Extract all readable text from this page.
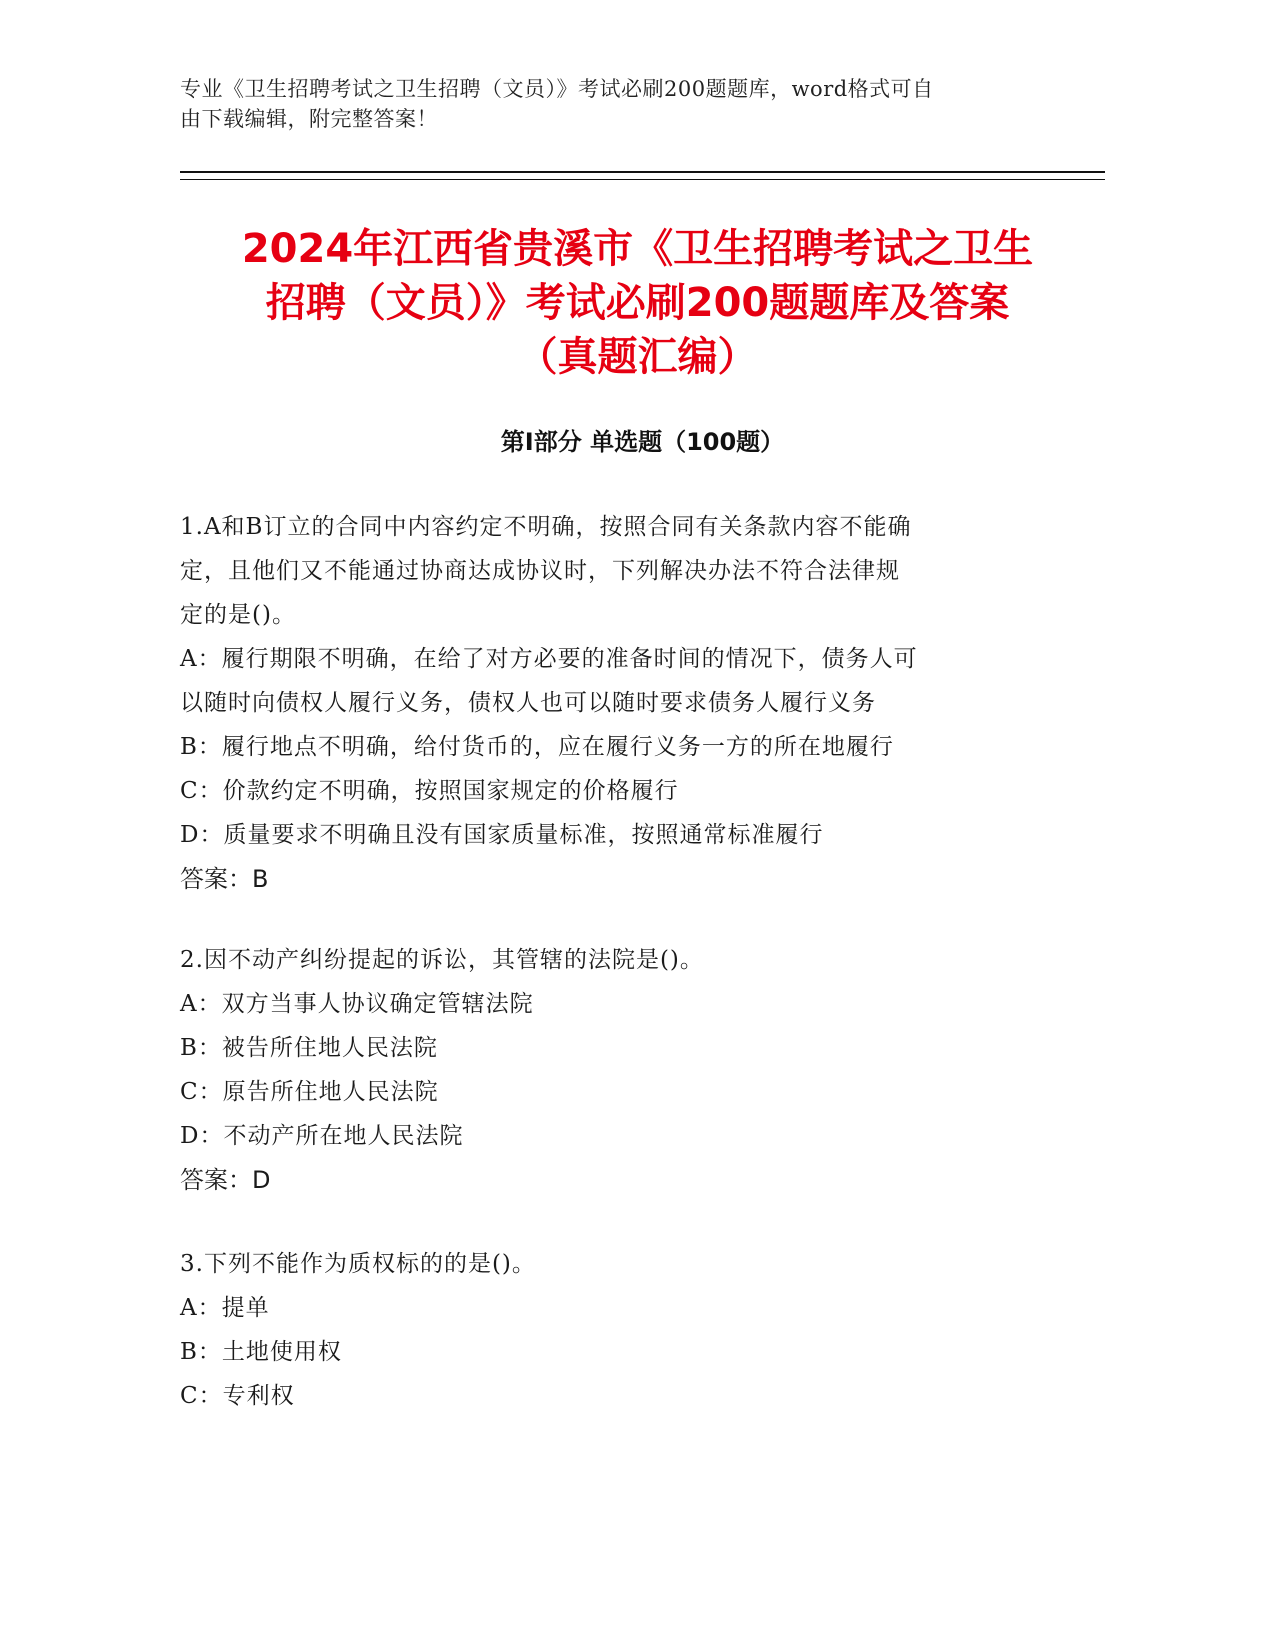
专业《卫生招聘考试之卫生招聘（文员）》考试必刷200题题库，word格式可自
由下载编辑，附完整答案！
2024年江西省贵溪市《卫生招聘考试之卫生
招聘（文员）》考试必刷200题题库及答案
（真题汇编）
第Ⅰ部分 单选题（100题）
1.A和B订立的合同中内容约定不明确，按照合同有关条款内容不能确
定，且他们又不能通过协商达成协议时，下列解决办法不符合法律规
定的是()。
A：履行期限不明确，在给了对方必要的准备时间的情况下，债务人可
以随时向债权人履行义务，债权人也可以随时要求债务人履行义务
B：履行地点不明确，给付货币的，应在履行义务一方的所在地履行
C：价款约定不明确，按照国家规定的价格履行
D：质量要求不明确且没有国家质量标准，按照通常标准履行
答案：B
2.因不动产纠纷提起的诉讼，其管辖的法院是()。
A：双方当事人协议确定管辖法院
B：被告所住地人民法院
C：原告所住地人民法院
D：不动产所在地人民法院
答案：D
3.下列不能作为质权标的的是()。
A：提单
B：土地使用权
C：专利权
